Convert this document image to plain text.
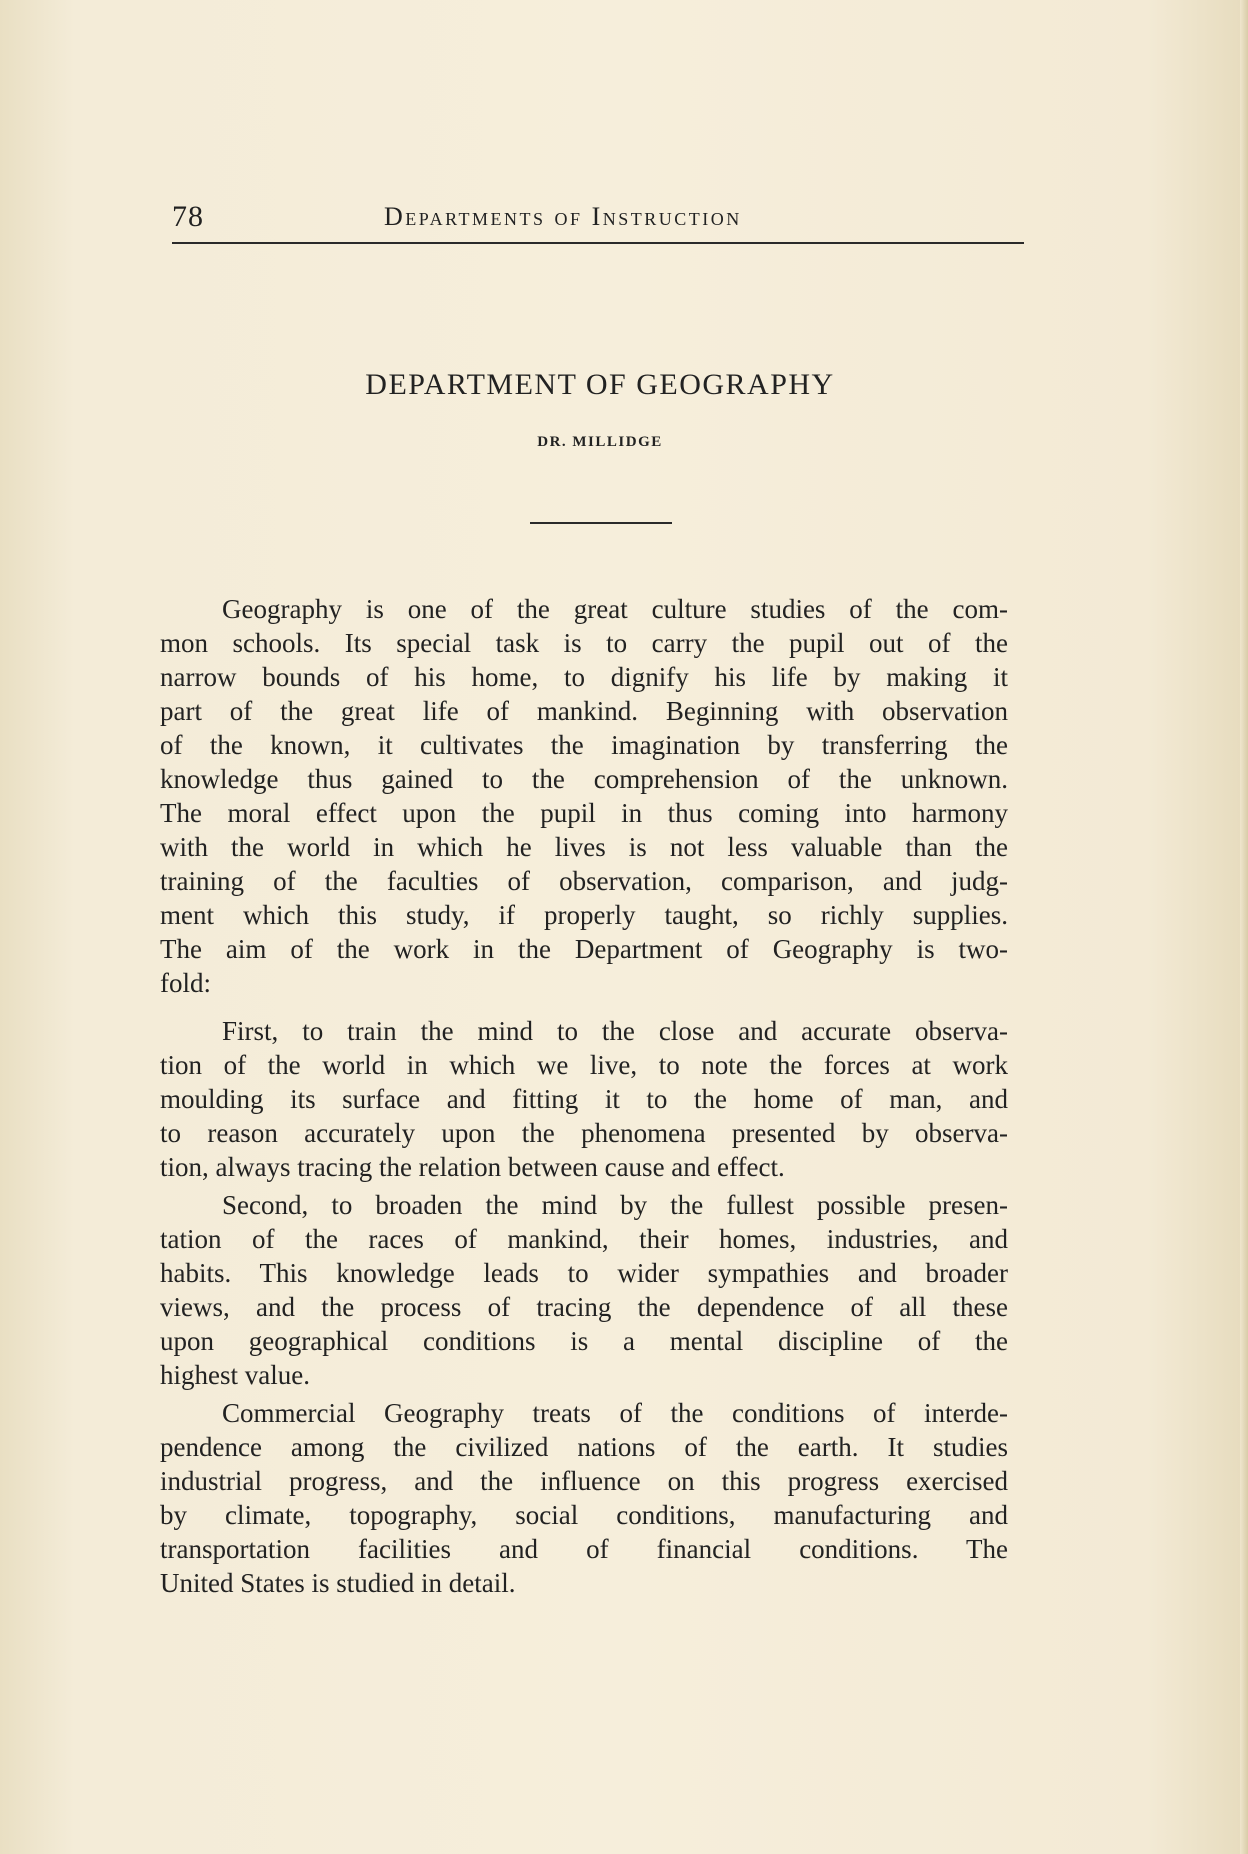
78	Departments of Instruction
DEPARTMENT OF GEOGRAPHY
DR. MILLIDGE
Geography is one of the great culture studies of the com-
mon schools. Its special task is to carry the pupil out of the
narrow bounds of his home, to dignify his life by making it
part of the great life of mankind. Beginning with observation
of the known, it cultivates the imagination by transferring the
knowledge thus gained to the comprehension of the unknown.
The moral effect upon the pupil in thus coming into harmony
with the world in which he lives is not less valuable than the
training of the faculties of observation, comparison, and judg-
ment which this study, if properly taught, so richly supplies.
The aim of the work in the Department of Geography is two-
fold:
First, to train the mind to the close and accurate observa-
tion of the world in which we live, to note the forces at work
moulding its surface and fitting it to the home of man, and
to reason accurately upon the phenomena presented by observa-
tion, always tracing the relation between cause and effect.
Second, to broaden the mind by the fullest possible presen-
tation of the races of mankind, their homes, industries, and
habits. This knowledge leads to wider sympathies and broader
views, and the process of tracing the dependence of all these
upon geographical conditions is a mental discipline of the
highest value.
Commercial Geography treats of the conditions of interde-
pendence among the civilized nations of the earth. It studies
industrial progress, and the influence on this progress exercised
by climate, topography, social conditions, manufacturing and
transportation facilities and of financial conditions. The
United States is studied in detail.
